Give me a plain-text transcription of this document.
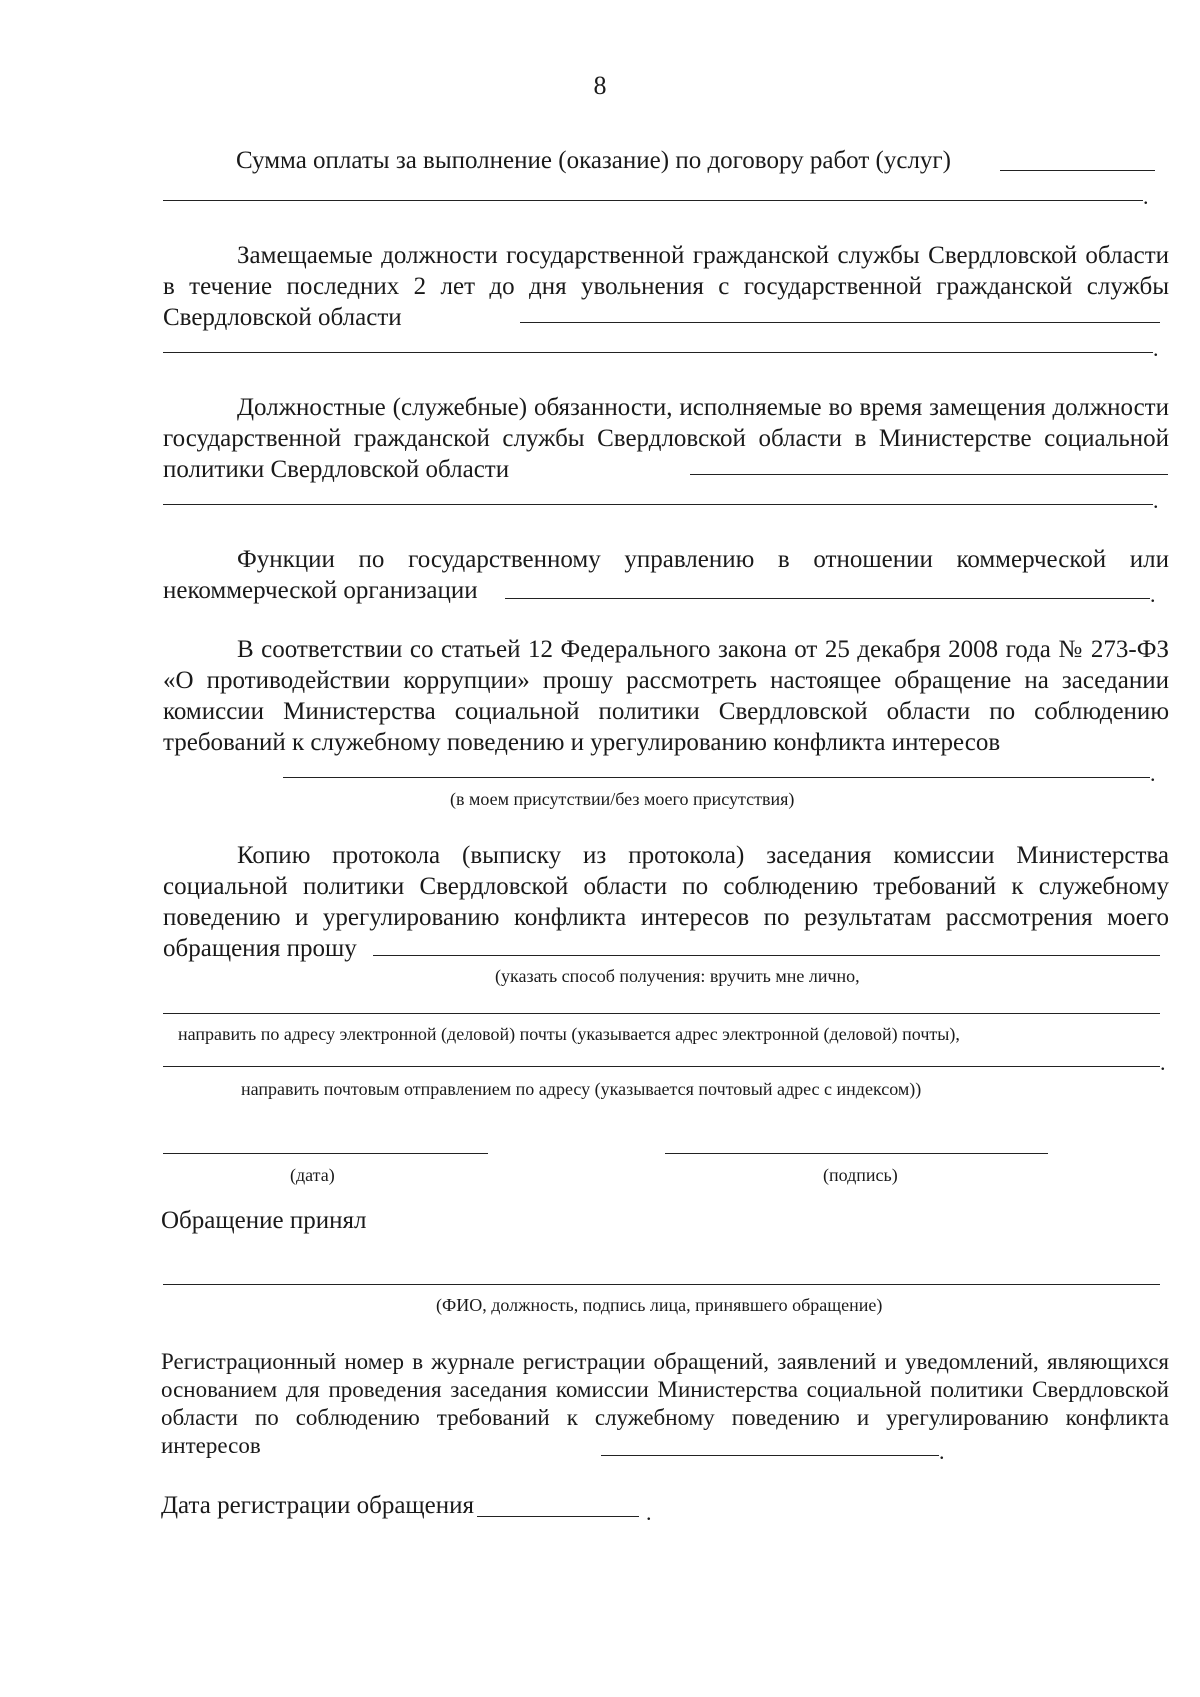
8
Сумма оплаты за выполнение (оказание) по договору работ (услуг)
.
Замещаемые должности государственной гражданской службы Свердловской области в течение последних 2 лет до дня увольнения с государственной гражданской службы Свердловской области
.
Должностные (служебные) обязанности, исполняемые во время замещения должности государственной гражданской службы Свердловской области в Министерстве социальной политики Свердловской области
.
Функции по государственному управлению в отношении коммерческой или некоммерческой организации	.
В соответствии со статьей 12 Федерального закона от 25 декабря 2008 года № 273-ФЗ «О противодействии коррупции» прошу рассмотреть настоящее обращение на заседании комиссии Министерства социальной политики Свердловской области по соблюдению требований к служебному поведению и урегулированию конфликта интересов
.
(в моем присутствии/без моего присутствия)
Копию протокола (выписку из протокола) заседания комиссии Министерства социальной политики Свердловской области по соблюдению требований к служебному поведению и урегулированию конфликта интересов по результатам рассмотрения моего обращения прошу
(указать способ получения: вручить мне лично,
направить по адресу электронной (деловой) почты (указывается адрес электронной (деловой) почты),
.
направить почтовым отправлением по адресу (указывается почтовый адрес с индексом))
(дата)	(подпись)
Обращение принял
(ФИО, должность, подпись лица, принявшего обращение)
Регистрационный номер в журнале регистрации обращений, заявлений и уведомлений, являющихся основанием для проведения заседания комиссии Министерства социальной политики Свердловской области по соблюдению требований к служебному поведению и урегулированию конфликта интересов	.
Дата регистрации обращения	.
